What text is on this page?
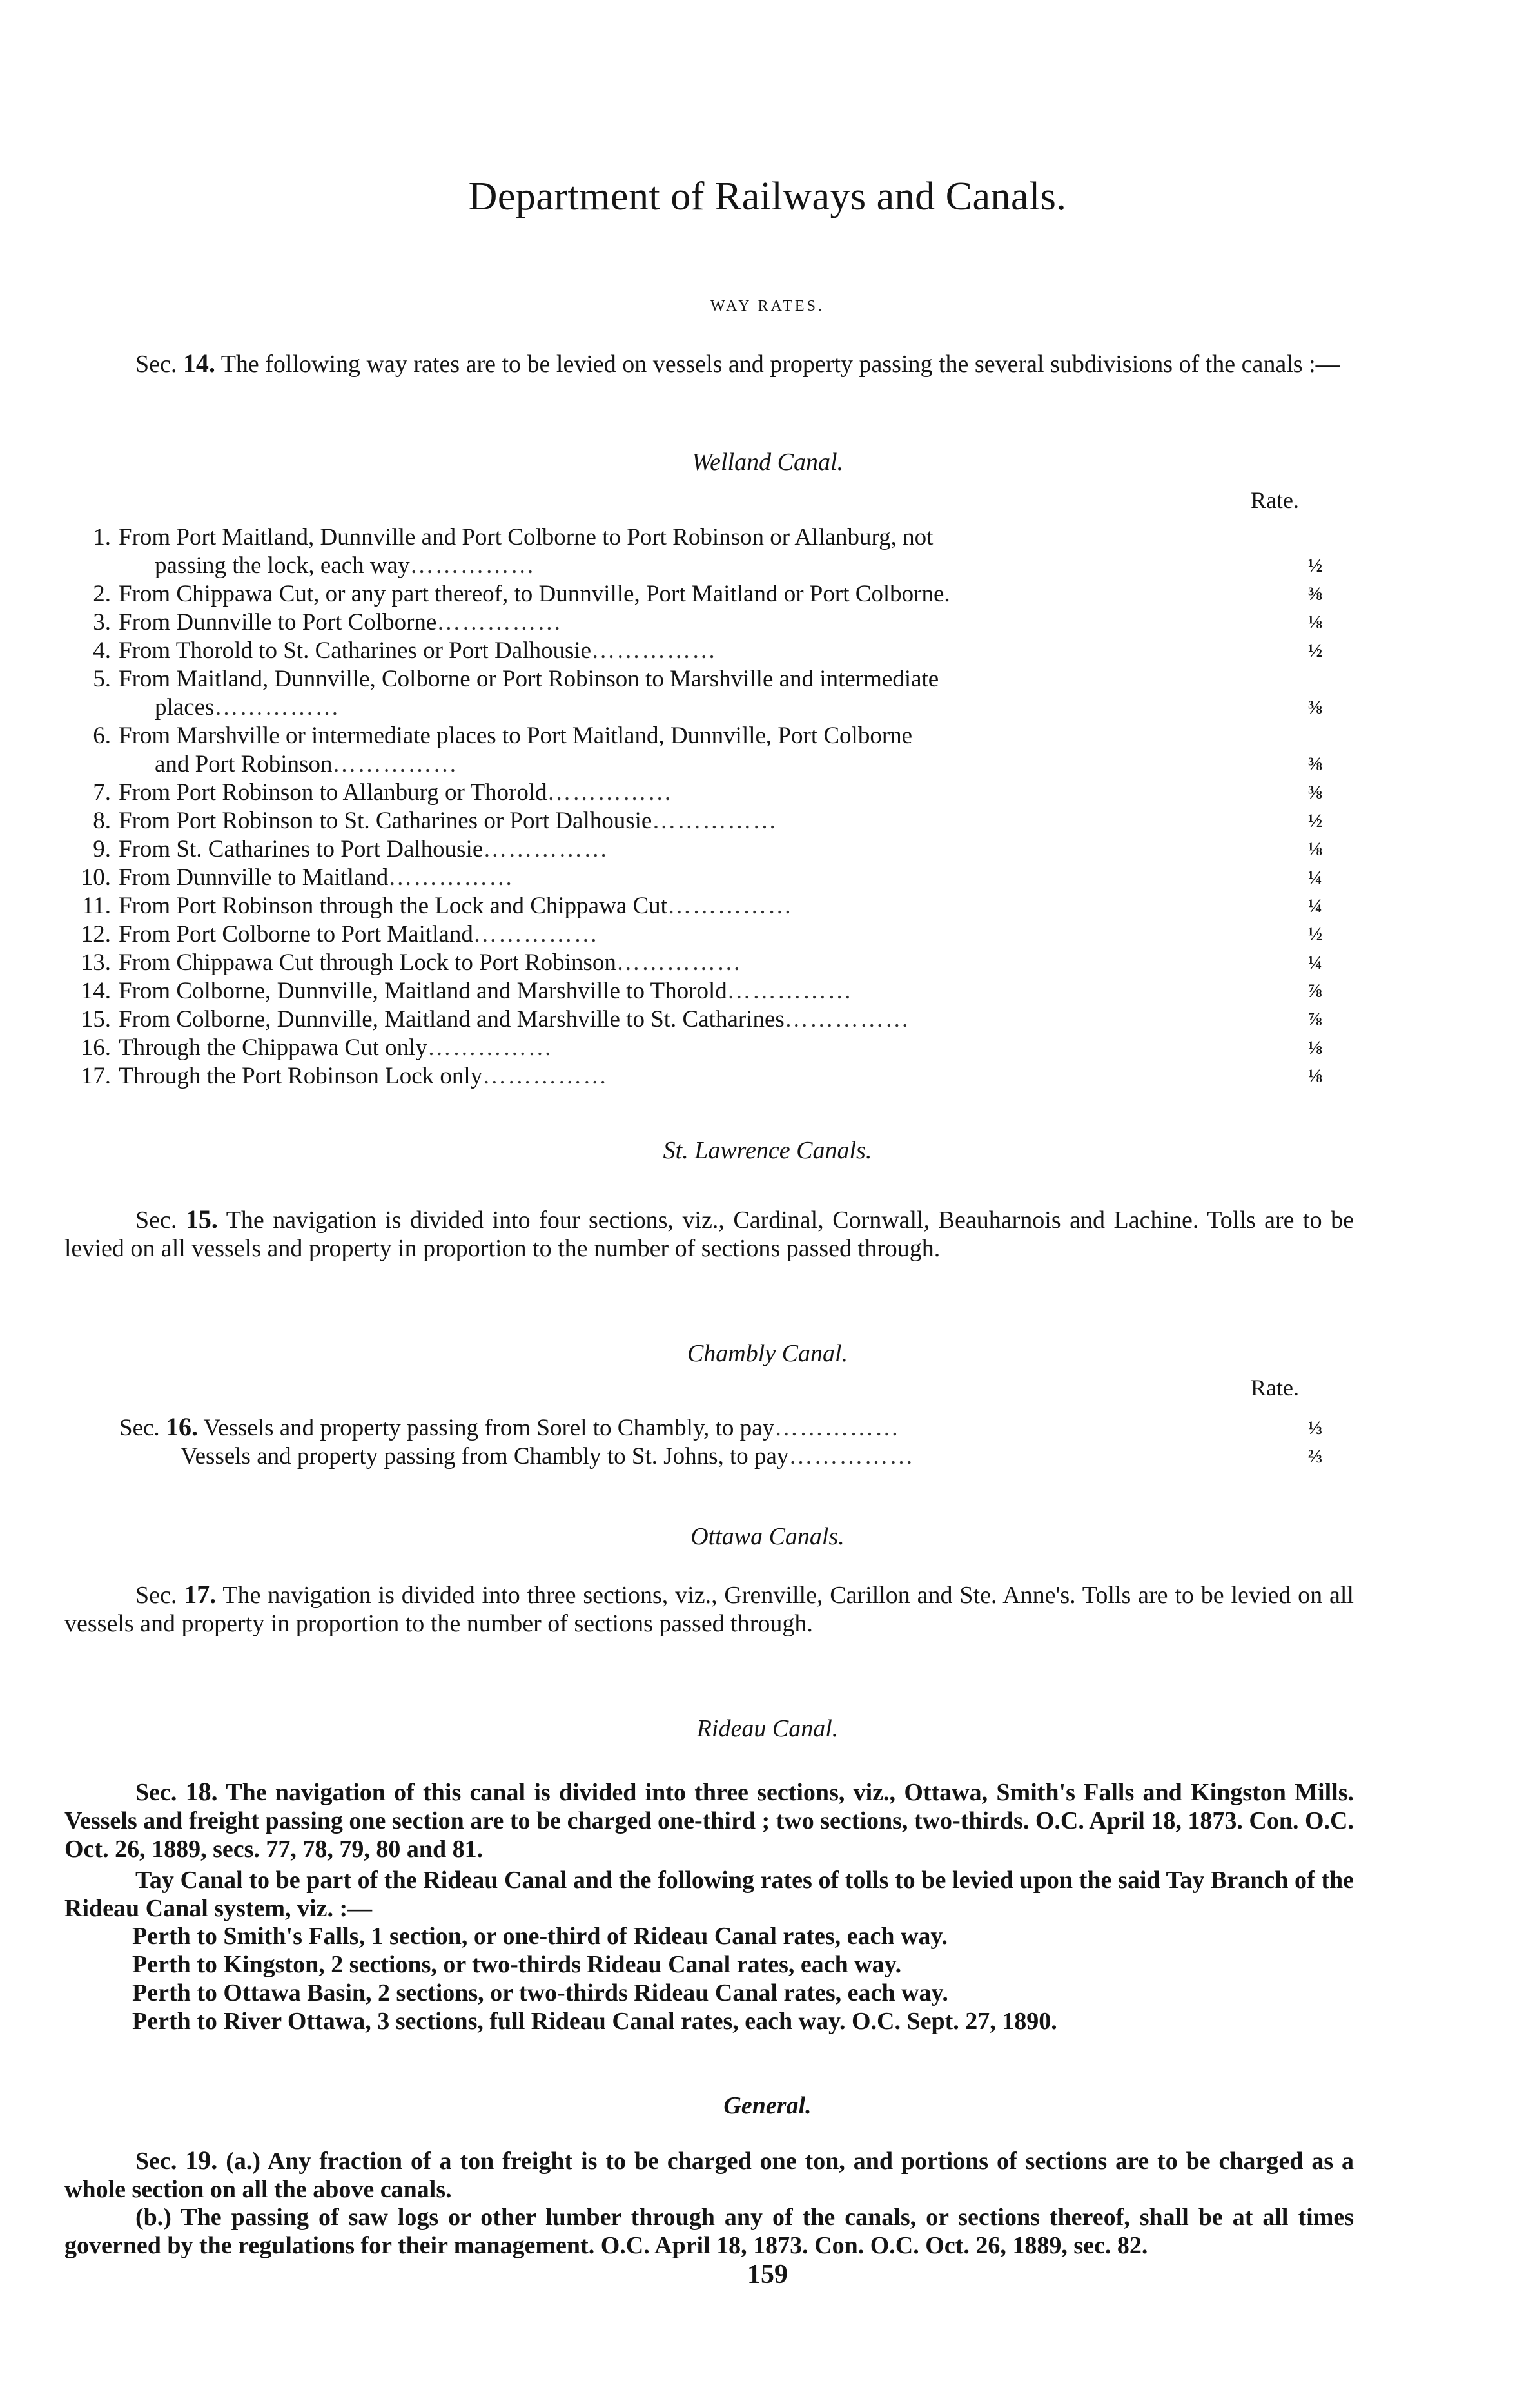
Department of Railways and Canals.
WAY RATES.
Sec. 14. The following way rates are to be levied on vessels and property passing the several subdivisions of the canals :—
Welland Canal.
Rate.
1. From Port Maitland, Dunnville and Port Colborne to Port Robinson or Allanburg, not
passing the lock, each way……………	½
2. From Chippawa Cut, or any part thereof, to Dunnville, Port Maitland or Port Colborne.	⅜
3. From Dunnville to Port Colborne……………	⅛
4. From Thorold to St. Catharines or Port Dalhousie……………	½
5. From Maitland, Dunnville, Colborne or Port Robinson to Marshville and intermediate
places……………	⅜
6. From Marshville or intermediate places to Port Maitland, Dunnville, Port Colborne
and Port Robinson……………	⅜
7. From Port Robinson to Allanburg or Thorold……………	⅜
8. From Port Robinson to St. Catharines or Port Dalhousie……………	½
9. From St. Catharines to Port Dalhousie……………	⅛
10. From Dunnville to Maitland……………	¼
11. From Port Robinson through the Lock and Chippawa Cut……………	¼
12. From Port Colborne to Port Maitland……………	½
13. From Chippawa Cut through Lock to Port Robinson……………	¼
14. From Colborne, Dunnville, Maitland and Marshville to Thorold……………	⅞
15. From Colborne, Dunnville, Maitland and Marshville to St. Catharines……………	⅞
16. Through the Chippawa Cut only……………	⅛
17. Through the Port Robinson Lock only……………	⅛
St. Lawrence Canals.
Sec. 15. The navigation is divided into four sections, viz., Cardinal, Cornwall, Beauharnois and Lachine. Tolls are to be levied on all vessels and property in proportion to the number of sections passed through.
Chambly Canal.
Rate.
Sec. 16. Vessels and property passing from Sorel to Chambly, to pay……………	⅓
Vessels and property passing from Chambly to St. Johns, to pay……………	⅔
Ottawa Canals.
Sec. 17. The navigation is divided into three sections, viz., Grenville, Carillon and Ste. Anne's. Tolls are to be levied on all vessels and property in proportion to the number of sections passed through.
Rideau Canal.
Sec. 18. The navigation of this canal is divided into three sections, viz., Ottawa, Smith's Falls and Kingston Mills. Vessels and freight passing one section are to be charged one-third ; two sections, two-thirds. O.C. April 18, 1873. Con. O.C. Oct. 26, 1889, secs. 77, 78, 79, 80 and 81.
Tay Canal to be part of the Rideau Canal and the following rates of tolls to be levied upon the said Tay Branch of the Rideau Canal system, viz. :—
Perth to Smith's Falls, 1 section, or one-third of Rideau Canal rates, each way.
Perth to Kingston, 2 sections, or two-thirds Rideau Canal rates, each way.
Perth to Ottawa Basin, 2 sections, or two-thirds Rideau Canal rates, each way.
Perth to River Ottawa, 3 sections, full Rideau Canal rates, each way. O.C. Sept. 27, 1890.
General.
Sec. 19. (a.) Any fraction of a ton freight is to be charged one ton, and portions of sections are to be charged as a whole section on all the above canals.
(b.) The passing of saw logs or other lumber through any of the canals, or sections thereof, shall be at all times governed by the regulations for their management. O.C. April 18, 1873. Con. O.C. Oct. 26, 1889, sec. 82.
159
